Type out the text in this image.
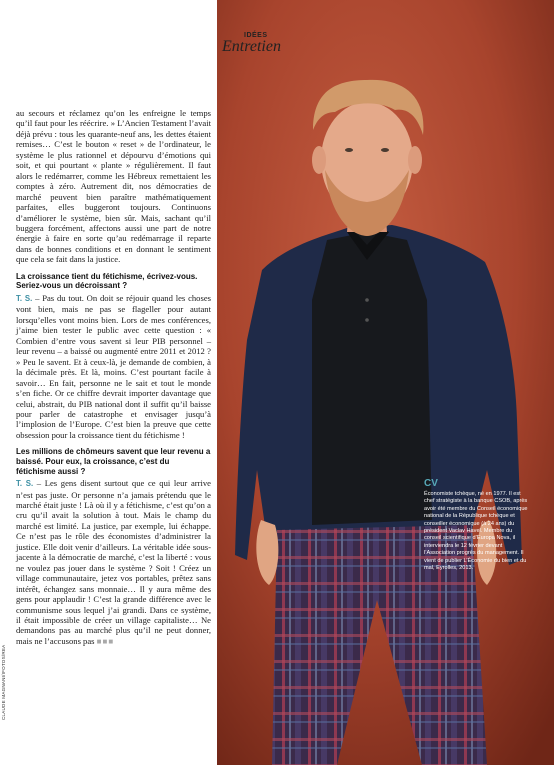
au secours et réclamez qu’on les enfreigne le temps qu’il faut pour les réécrire. » L’Ancien Testament l’avait déjà prévu : tous les quarante-neuf ans, les dettes étaient remises… C’est le bouton « reset » de l’ordinateur, le système le plus rationnel et dépourvu d’émotions qui soit, et qui pourtant « plante » régulièrement. Il faut alors le redémarrer, comme les Hébreux remettaient les comptes à zéro. Autrement dit, nos démocraties de marché peuvent bien paraître mathématiquement parfaites, elles buggeront toujours. Continuons d’améliorer le système, bien sûr. Mais, sachant qu’il buggera forcément, affectons aussi une part de notre énergie à faire en sorte qu’au redémarrage il reparte dans de bonnes conditions et en donnant le sentiment que cela se fait dans la justice.

La croissance tient du fétichisme, écrivez-vous. Seriez-vous un décroissant ?

T. S. – Pas du tout. On doit se réjouir quand les choses vont bien, mais ne pas se flageller pour autant lorsqu’elles vont moins bien. Lors de mes conférences, j’aime bien tester le public avec cette question : « Combien d’entre vous savent si leur PIB personnel – leur revenu – a baissé ou augmenté entre 2011 et 2012 ? » Peu le savent. Et à ceux-là, je demande de combien, à la décimale près. Et là, moins. C’est pourtant facile à savoir… En fait, personne ne le sait et tout le monde s’en fiche. Or ce chiffre devrait importer davantage que celui, abstrait, du PIB national dont il suffit qu’il baisse pour parler de catastrophe et envisager jusqu’à l’implosion de l’Europe. C’est bien la preuve que cette obsession pour la croissance tient du fétichisme !

Les millions de chômeurs savent que leur revenu a baissé. Pour eux, la croissance, c’est du fétichisme aussi ?

T. S. – Les gens disent surtout que ce qui leur arrive n’est pas juste. Or personne n’a jamais prétendu que le marché était juste ! Là où il y a fétichisme, c’est qu’on a cru qu’il avait la solution à tout. Mais le champ du marché est limité. La justice, par exemple, lui échappe. Ce n’est pas le rôle des économistes d’administrer la justice. Elle doit venir d’ailleurs. La véritable idée sous-jacente à la démocratie de marché, c’est la liberté : vous ne voulez pas jouer dans le système ? Soit ! Créez un village communautaire, jetez vos portables, prêtez sans intérêt, échangez sans monnaie… Il y aura même des gens pour applaudir ! C’est la grande différence avec le communisme sous lequel j’ai grandi. Dans ce système, il était impossible de créer un village capitaliste… Ne demandons pas au marché plus qu’il ne peut donner, mais ne l’accusons pas ■■■

CLAUDE MAGNANI/IFOTOS/REA
IDÉES
Entretien
CV
Économiste tchèque, né en 1977. Il est chef stratégiste à la banque CSOB, après avoir été membre du Conseil économique national de la République tchèque et conseiller économique (à 24 ans) du président Vaclav Havel. Membre du conseil scientifique d’Europa Nova, il interviendra le 12 février devant l’Association progrès du management. Il vient de publier L’Économie du bien et du mal, Eyrolles, 2013.
